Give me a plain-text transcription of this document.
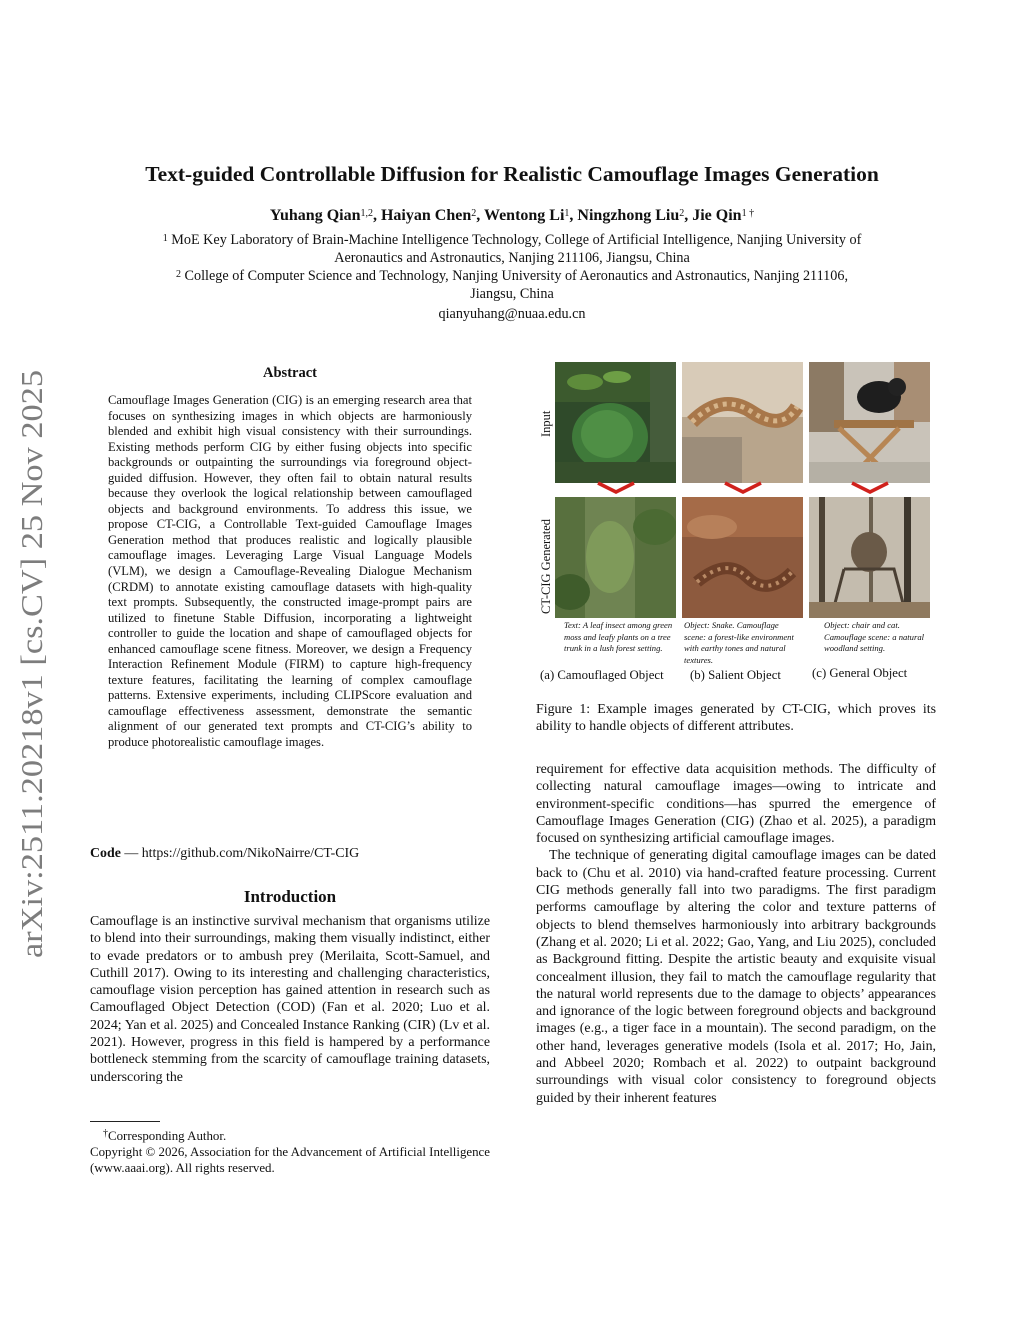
arXiv:2511.20218v1 [cs.CV] 25 Nov 2025
Text-guided Controllable Diffusion for Realistic Camouflage Images Generation
Yuhang Qian$^{1,2}$, Haiyan Chen$^2$, Wentong Li$^1$, Ningzhong Liu$^2$, Jie Qin$^{1 \dagger}$
$^1$ MoE Key Laboratory of Brain-Machine Intelligence Technology, College of Artificial Intelligence, Nanjing University of
Aeronautics and Astronautics, Nanjing 211106, Jiangsu, China
$^2$ College of Computer Science and Technology, Nanjing University of Aeronautics and Astronautics, Nanjing 211106,
Jiangsu, China
qianyuhang@nuaa.edu.cn
Abstract
Camouflage Images Generation (CIG) is an emerging research area that focuses on synthesizing images in which objects are harmoniously blended and exhibit high visual consistency with their surroundings. Existing methods perform CIG by either fusing objects into specific backgrounds or outpainting the surroundings via foreground object-guided diffusion. However, they often fail to obtain natural results because they overlook the logical relationship between camouflaged objects and background environments. To address this issue, we propose CT-CIG, a Controllable Text-guided Camouflage Images Generation method that produces realistic and logically plausible camouflage images. Leveraging Large Visual Language Models (VLM), we design a Camouflage-Revealing Dialogue Mechanism (CRDM) to annotate existing camouflage datasets with high-quality text prompts. Subsequently, the constructed image-prompt pairs are utilized to finetune Stable Diffusion, incorporating a lightweight controller to guide the location and shape of camouflaged objects for enhanced camouflage scene fitness. Moreover, we design a Frequency Interaction Refinement Module (FIRM) to capture high-frequency texture features, facilitating the learning of complex camouflage patterns. Extensive experiments, including CLIPScore evaluation and camouflage effectiveness assessment, demonstrate the semantic alignment of our generated text prompts and CT-CIG’s ability to produce photorealistic camouflage images.
Code — https://github.com/NikoNairre/CT-CIG
Introduction

Camouflage is an instinctive survival mechanism that organisms utilize to blend into their surroundings, making them visually indistinct, either to evade predators or to ambush prey (Merilaita, Scott-Samuel, and Cuthill 2017). Owing to its interesting and challenging characteristics, camouflage vision perception has gained attention in research such as Camouflaged Object Detection (COD) (Fan et al. 2020; Luo et al. 2024; Yan et al. 2025) and Concealed Instance Ranking (CIR) (Lv et al. 2021). However, progress in this field is hampered by a performance bottleneck stemming from the scarcity of camouflage training datasets, underscoring the

†Corresponding Author.
Copyright © 2026, Association for the Advancement of Artificial Intelligence (www.aaai.org). All rights reserved.
Input
CT-CIG Generated
Text: A leaf insect among green moss and leafy plants on a tree trunk in a lush forest setting.
Object: Snake. Camouflage scene: a forest-like environment with earthy tones and natural textures.
Object: chair and cat. Camouflage scene: a natural woodland setting.
(a) Camouflaged Object (b) Salient Object (c) General Object
Figure 1: Example images generated by CT-CIG, which proves its ability to handle objects of different attributes.

requirement for effective data acquisition methods. The difficulty of collecting natural camouflage images—owing to intricate and environment-specific conditions—has spurred the emergence of Camouflage Images Generation (CIG) (Zhao et al. 2025), a paradigm focused on synthesizing artificial camouflage images.

The technique of generating digital camouflage images can be dated back to (Chu et al. 2010) via hand-crafted feature processing. Current CIG methods generally fall into two paradigms. The first paradigm performs camouflage by altering the color and texture patterns of objects to blend themselves harmoniously into arbitrary backgrounds (Zhang et al. 2020; Li et al. 2022; Gao, Yang, and Liu 2025), concluded as Background fitting. Despite the artistic beauty and exquisite visual concealment illusion, they fail to match the camouflage regularity that the natural world represents due to the damage to objects’ appearances and ignorance of the logic between foreground objects and background images (e.g., a tiger face in a mountain). The second paradigm, on the other hand, leverages generative models (Isola et al. 2017; Ho, Jain, and Abbeel 2020; Rombach et al. 2022) to outpaint background surroundings with visual color consistency to foreground objects guided by their inherent features
